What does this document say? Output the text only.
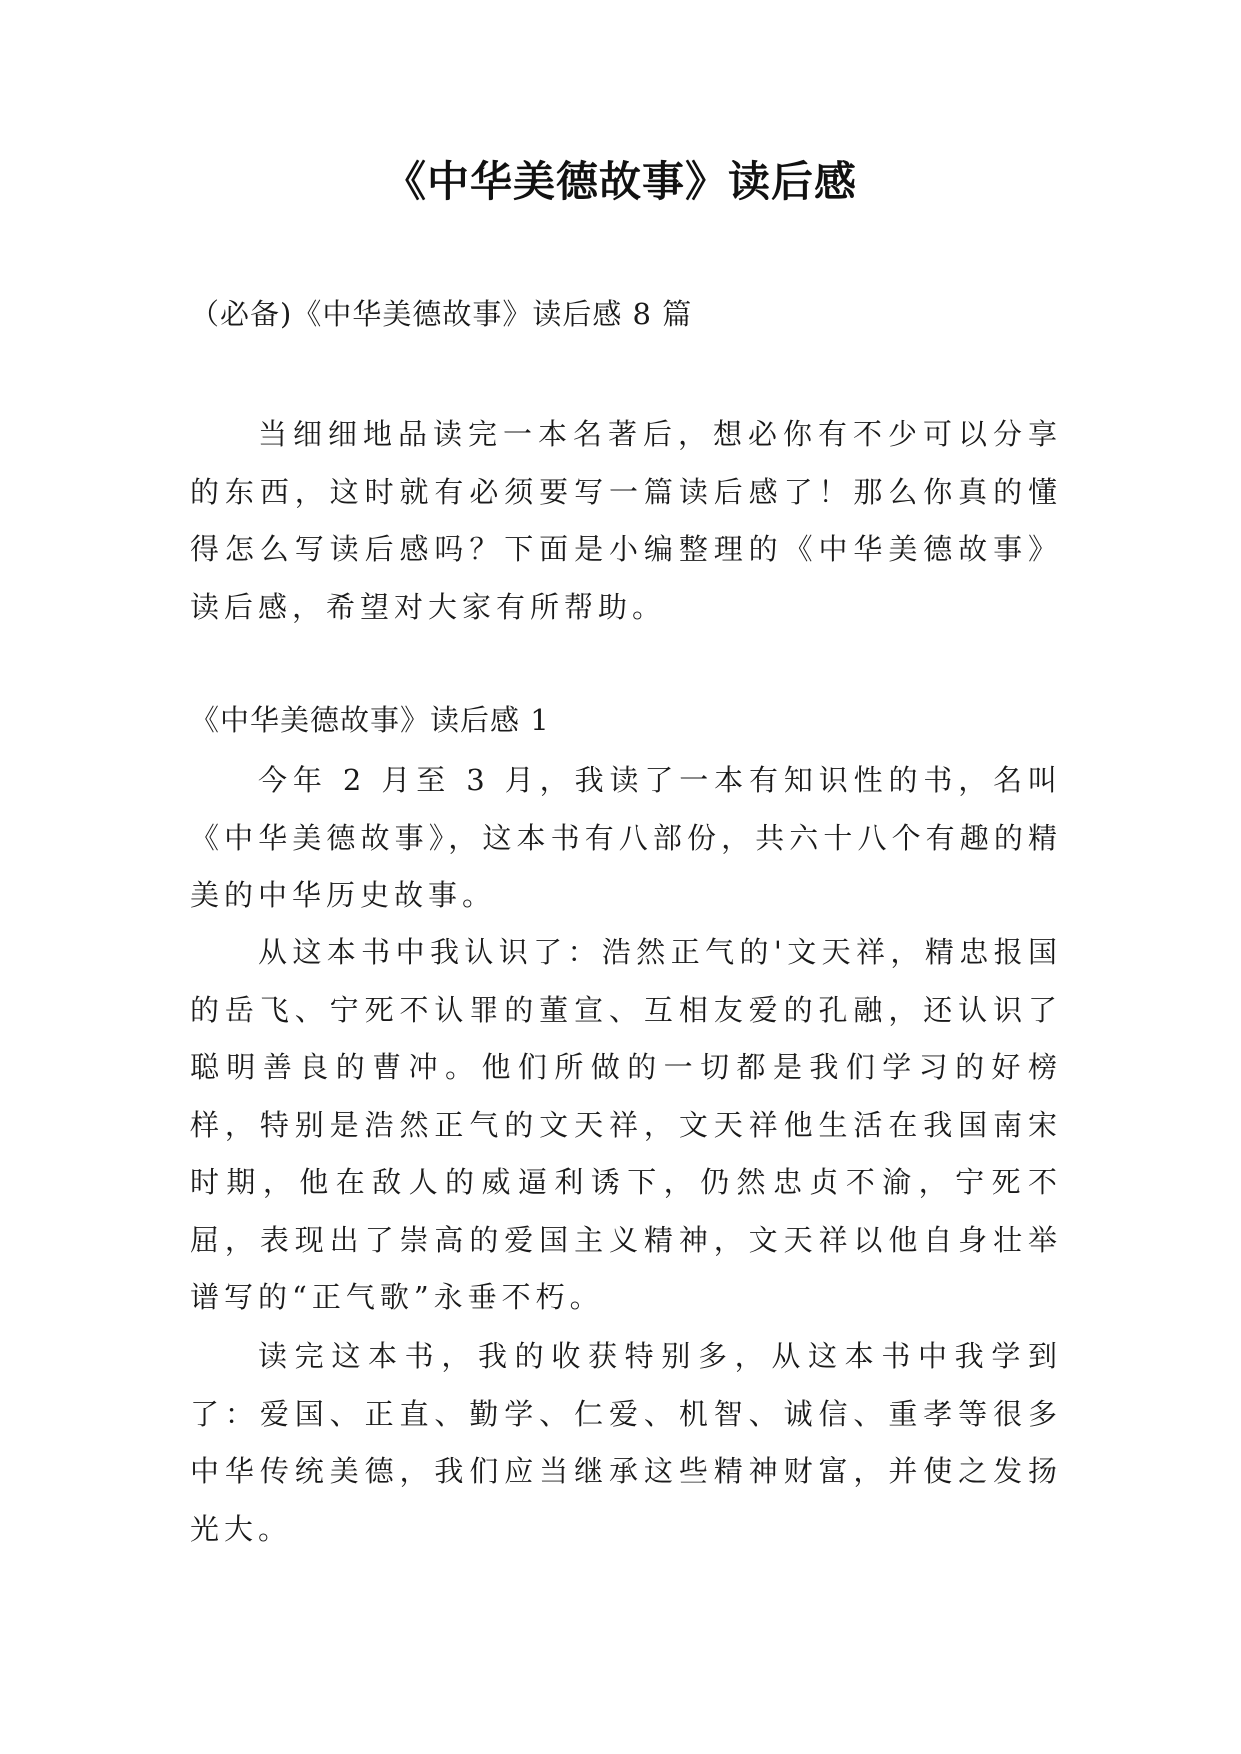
《中华美德故事》读后感
（必备)《中华美德故事》读后感 8 篇

当细细地品读完一本名著后，想必你有不少可以分享的东西，这时就有必须要写一篇读后感了！那么你真的懂得怎么写读后感吗？下面是小编整理的《中华美德故事》读后感，希望对大家有所帮助。

《中华美德故事》读后感 1

今年 2 月至 3 月，我读了一本有知识性的书，名叫《中华美德故事》，这本书有八部份，共六十八个有趣的精美的中华历史故事。

从这本书中我认识了：浩然正气的'文天祥，精忠报国的岳飞、宁死不认罪的董宣、互相友爱的孔融，还认识了聪明善良的曹冲。他们所做的一切都是我们学习的好榜样，特别是浩然正气的文天祥，文天祥他生活在我国南宋时期，他在敌人的威逼利诱下，仍然忠贞不渝，宁死不屈，表现出了崇高的爱国主义精神，文天祥以他自身壮举谱写的“正气歌”永垂不朽。

读完这本书，我的收获特别多，从这本书中我学到了：爱国、正直、勤学、仁爱、机智、诚信、重孝等很多中华传统美德，我们应当继承这些精神财富，并使之发扬光大。
